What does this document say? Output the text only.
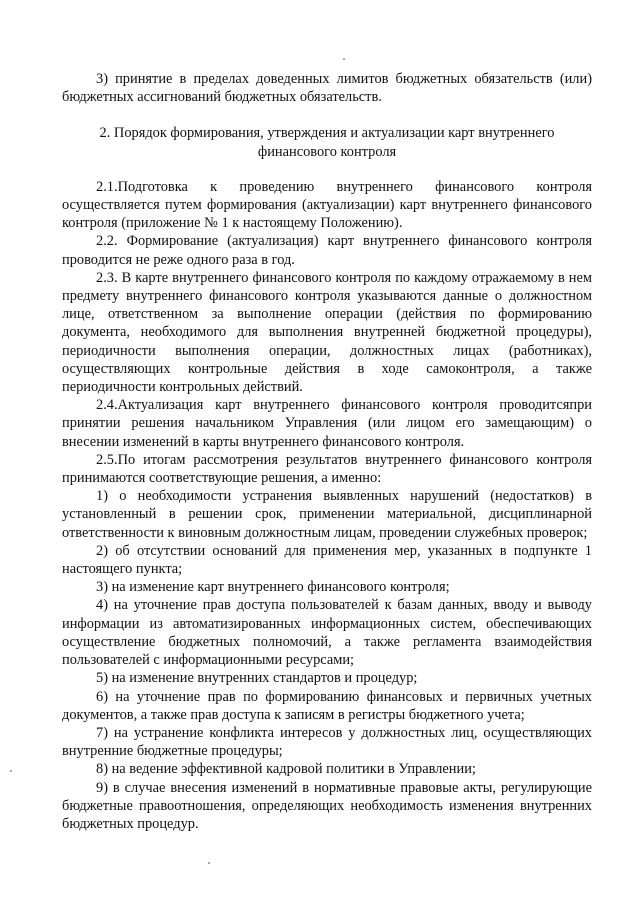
3) принятие в пределах доведенных лимитов бюджетных обязательств (или) бюджетных ассигнований бюджетных обязательств.

2. Порядок формирования, утверждения и актуализации карт внутреннего финансового контроля

2.1.Подготовка к проведению внутреннего финансового контроля осуществляется путем формирования (актуализации) карт внутреннего финансового контроля (приложение № 1 к настоящему Положению).

2.2. Формирование (актуализация) карт внутреннего финансового контроля проводится не реже одного раза в год.

2.3. В карте внутреннего финансового контроля по каждому отражаемому в нем предмету внутреннего финансового контроля указываются данные о должностном лице, ответственном за выполнение операции (действия по формированию документа, необходимого для выполнения внутренней бюджетной процедуры), периодичности выполнения операции, должностных лицах (работниках), осуществляющих контрольные действия в ходе самоконтроля, а также периодичности контрольных действий.

2.4.Актуализация карт внутреннего финансового контроля проводитсяпри принятии решения начальником Управления (или лицом его замещающим) о внесении изменений в карты внутреннего финансового контроля.

2.5.По итогам рассмотрения результатов внутреннего финансового контроля принимаются соответствующие решения, а именно:

1) о необходимости устранения выявленных нарушений (недостатков) в установленный в решении срок, применении материальной, дисциплинарной ответственности к виновным должностным лицам, проведении служебных проверок;

2) об отсутствии оснований для применения мер, указанных в подпункте 1 настоящего пункта;

3) на изменение карт внутреннего финансового контроля;

4) на уточнение прав доступа пользователей к базам данных, вводу и выводу информации из автоматизированных информационных систем, обеспечивающих осуществление бюджетных полномочий, а также регламента взаимодействия пользователей с информационными ресурсами;

5) на изменение внутренних стандартов и процедур;

6) на уточнение прав по формированию финансовых и первичных учетных документов, а также прав доступа к записям в регистры бюджетного учета;

7) на устранение конфликта интересов у должностных лиц, осуществляющих внутренние бюджетные процедуры;

8) на ведение эффективной кадровой политики в Управлении;

9) в случае внесения изменений в нормативные правовые акты, регулирующие бюджетные правоотношения, определяющих необходимость изменения внутренних бюджетных процедур.
